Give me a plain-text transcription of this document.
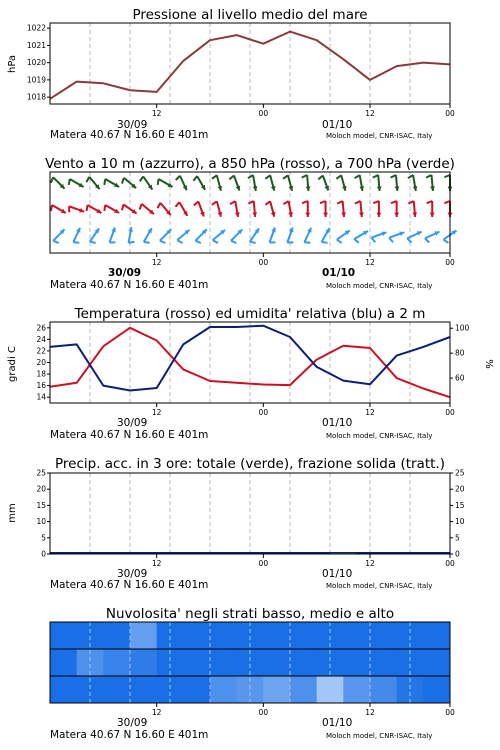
Pressione al livello medio del mare
hPa
1018
1019
1020
1021
1022
12	00	12	00
30/09	01/10
Matera 40.67 N 16.60 E 401m	Moloch model, CNR-ISAC, Italy
Vento a 10 m (azzurro), a 850 hPa (rosso), a 700 hPa (verde)
12	00	12	00
30/09	01/10
Matera 40.67 N 16.60 E 401m	Moloch model, CNR-ISAC, Italy
Temperatura (rosso) ed umidita' relativa (blu) a 2 m
gradi C	%
14
16
18
20
22
24
26
60
80
100
12	00	12	00
30/09	01/10
Matera 40.67 N 16.60 E 401m	Moloch model, CNR-ISAC, Italy
Precip. acc. in 3 ore: totale (verde), frazione solida (tratt.)
mm
0
5
10
15
20
25
0
5
10
15
20
25
12	00	12	00
30/09	01/10
Matera 40.67 N 16.60 E 401m	Moloch model, CNR-ISAC, Italy
Nuvolosita' negli strati basso, medio e alto
12	00	12	00
30/09	01/10
Matera 40.67 N 16.60 E 401m	Moloch model, CNR-ISAC, Italy
